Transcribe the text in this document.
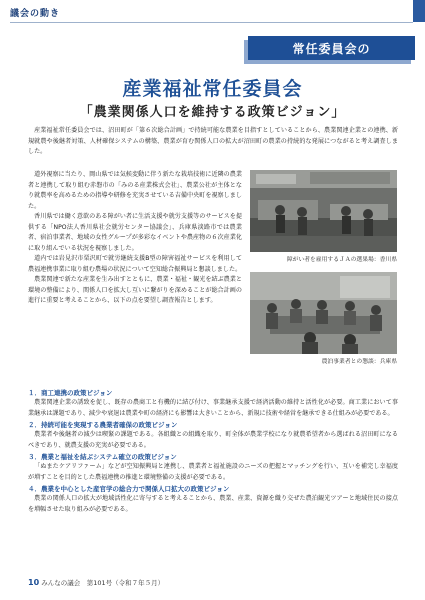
議会の動き
常任委員会の
産業福祉常任委員会
「農業関係人口を維持する政策ビジョン」

産業福祉常任委員会では、沼田町が「第６次総合計画」で持続可能な農業を目指すとしていることから、農業関連企業との連携、新規就農や後継者対策、人材確保システムの構築、農業が育む関係人口の拡大が沼田町の農業の持続的な発展につながると考え調査しました。

道外視察に当たり、岡山県では気候変動に伴う新たな栽培技術に近隣の農業者と連携して取り組む赤磐市の「みのる産業株式会社」、農業公社が主体となり就農率を高めるための指導や研修を充実させている吉備中央町を視察しました。

香川県では働く意欲のある障がい者に生活支援や就労支援等のサービスを提供する「NPO法人香川県社会就労センター協議会」、兵庫県淡路市では農業者、宿泊事業者、地域の女性グループが多彩なイベントや農産物の６次産業化に取り組んでいる状況を視察しました。

道内では岩見沢市栗沢町で就労継続支援B型の障害福祉サービスを利用して農福連携事業に取り組む農場の状況について空知総合振興局と懇談しました。

農業関連で新たな産業を生み出すとともに、農業・福祉・観光を結ぶ農業と環境の整備により、関係人口を拡大し互いに繋がりを深めることが総合計画の進行に重要と考えることから、以下の点を要望し調査報告とします。

障がい者を雇用するＪＡの選果場：香川県
農泊事業者との懇談：兵庫県

１．商工連携の政策ビジョン

農業関連企業の誘致を促し、既存の農商工と有機的に結び付け、事業継承支援で経済活動の維持と活性化が必要。商工業において事業継承は課題であり、減少や衰退は農業や町の経済にも影響は大きいことから、新規に技術や経営を継承できる仕組みが必要である。

２．持続可能を実現する農業者確保の政策ビジョン

農業者や後継者の減少は喫緊の課題である。各組織との組織を取り、町全体が農業学校になり就農希望者から選ばれる沼田町になるべきであり、就農支援の充実が必要である。

３．農業と福祉を結ぶシステム確立の政策ビジョン

「ぬまたケアリファーム」などが空知振興局と連携し、農業者と福祉施設のニーズの把握とマッチングを行い、互いを補完し幸福度が増すことを目的とした農福連携の推進と環境整備の支援が必要である。

４．農業を中心とした産官学の総合力で関係人口拡大の政策ビジョン

農業の関係人口の拡大が地域活性化に寄与すると考えることから、農業、産業、資源を織り交ぜた農泊観光ツアーと地域住民の接点を増幅させた取り組みが必要である。

10 みんなの議会　第101号（令和７年５月）
